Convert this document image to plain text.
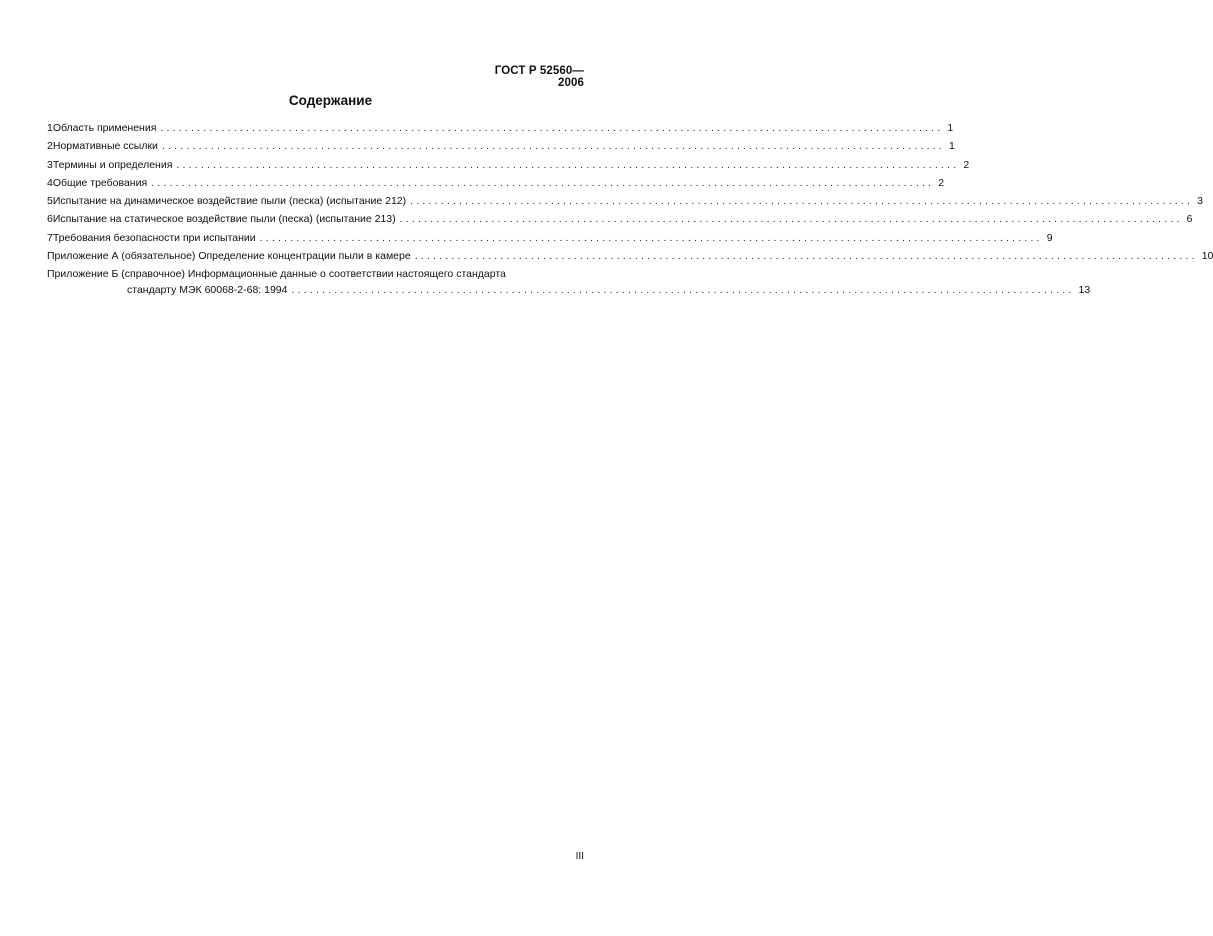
ГОСТ Р 52560—2006
Содержание
1 Область применения ................................................................................................................................ 1
2 Нормативные ссылки ................................................................................................................................ 1
3 Термины и определения ................................................................................................................................ 2
4 Общие требования ................................................................................................................................ 2
5 Испытание на динамическое воздействие пыли (песка) (испытание 212) ................................................................................................................................ 3
6 Испытание на статическое воздействие пыли (песка) (испытание 213) ................................................................................................................................ 6
7 Требования безопасности при испытании ................................................................................................................................ 9
Приложение А (обязательное) Определение концентрации пыли в камере ................................................................................................................................ 10
Приложение Б (справочное) Информационные данные о соответствии настоящего стандарта
стандарту МЭК 60068-2-68: 1994 ................................................................................................................................ 13
III
